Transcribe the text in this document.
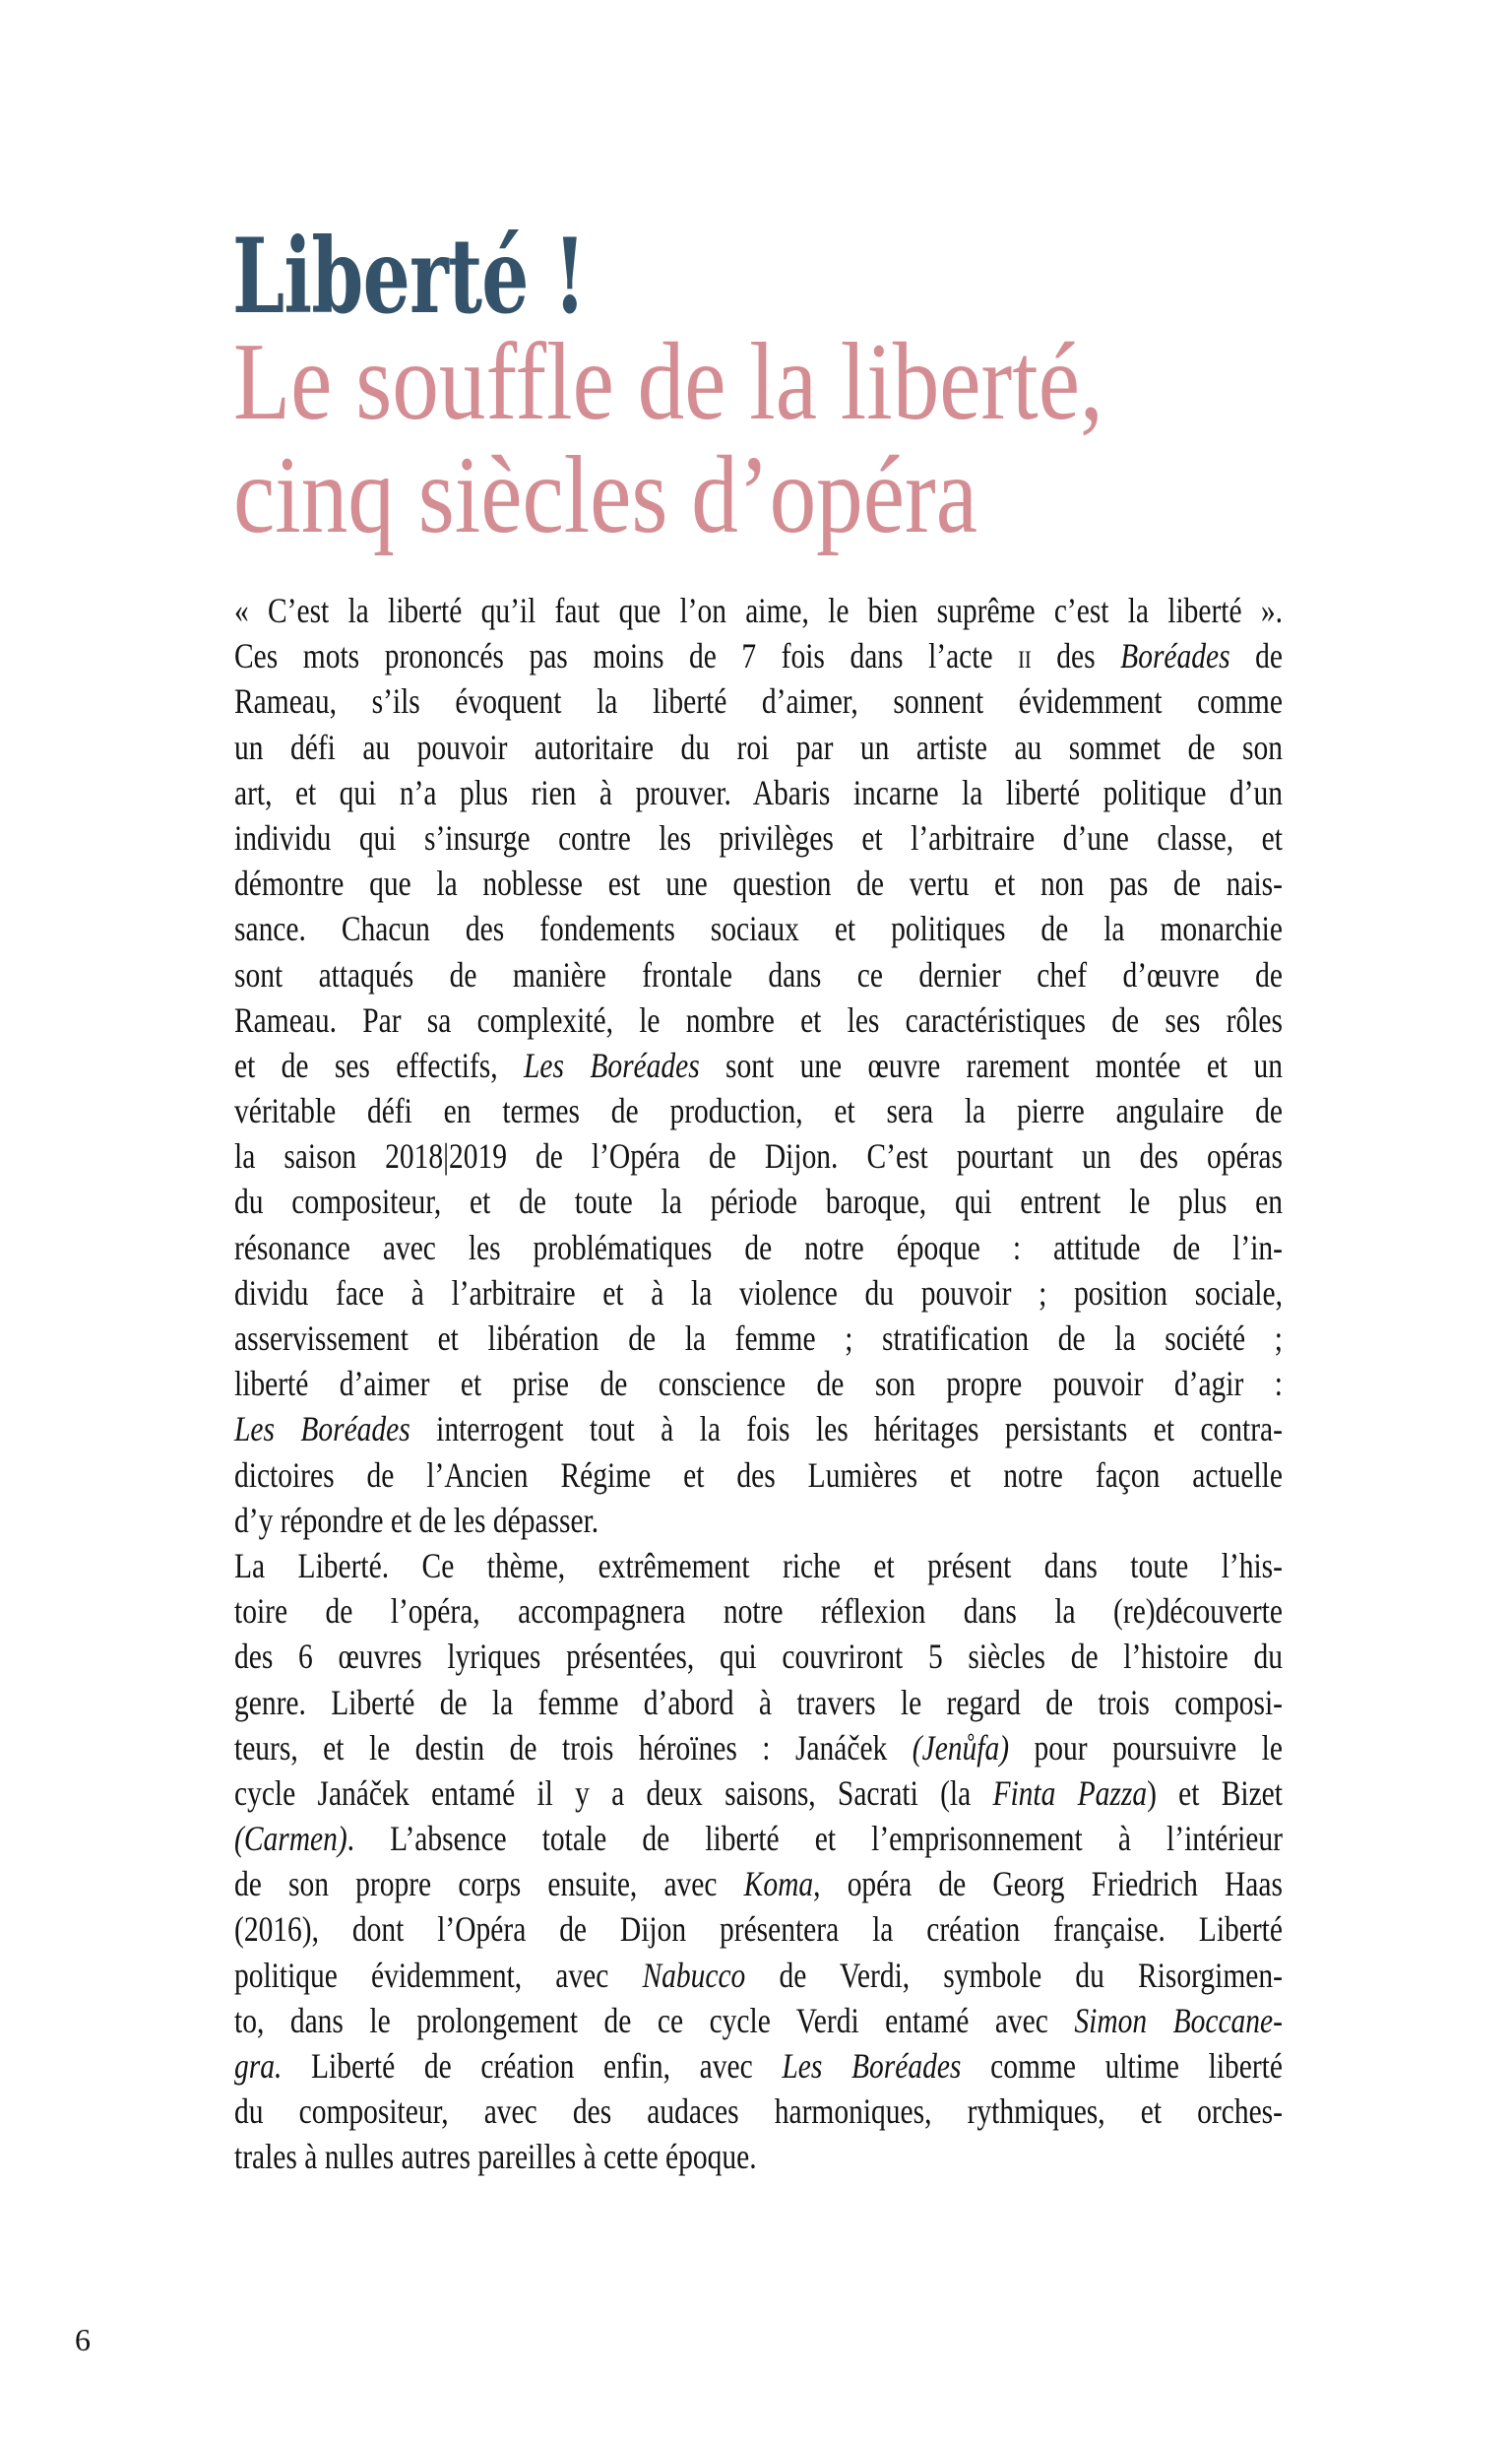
Liberté !
Le souffle de la liberté,
cinq siècles d’opéra
« C’est la liberté qu’il faut que l’on aime, le bien suprême c’est la liberté ».
Ces mots prononcés pas moins de 7 fois dans l’acte ii des Boréades de
Rameau, s’ils évoquent la liberté d’aimer, sonnent évidemment comme
un défi au pouvoir autoritaire du roi par un artiste au sommet de son
art, et qui n’a plus rien à prouver. Abaris incarne la liberté politique d’un
individu qui s’insurge contre les privilèges et l’arbitraire d’une classe, et
démontre que la noblesse est une question de vertu et non pas de nais-
sance. Chacun des fondements sociaux et politiques de la monarchie
sont attaqués de manière frontale dans ce dernier chef d’œuvre de
Rameau. Par sa complexité, le nombre et les caractéristiques de ses rôles
et de ses effectifs, Les Boréades sont une œuvre rarement montée et un
véritable défi en termes de production, et sera la pierre angulaire de
la saison 2018|2019 de l’Opéra de Dijon. C’est pourtant un des opéras
du compositeur, et de toute la période baroque, qui entrent le plus en
résonance avec les problématiques de notre époque : attitude de l’in-
dividu face à l’arbitraire et à la violence du pouvoir ; position sociale,
asservissement et libération de la femme ; stratification de la société ;
liberté d’aimer et prise de conscience de son propre pouvoir d’agir :
Les Boréades interrogent tout à la fois les héritages persistants et contra-
dictoires de l’Ancien Régime et des Lumières et notre façon actuelle
d’y répondre et de les dépasser.
La Liberté. Ce thème, extrêmement riche et présent dans toute l’his-
toire de l’opéra, accompagnera notre réflexion dans la (re)découverte
des 6 œuvres lyriques présentées, qui couvriront 5 siècles de l’histoire du
genre. Liberté de la femme d’abord à travers le regard de trois composi-
teurs, et le destin de trois héroïnes : Janáček (Jenůfa) pour poursuivre le
cycle Janáček entamé il y a deux saisons, Sacrati (la Finta Pazza) et Bizet
(Carmen). L’absence totale de liberté et l’emprisonnement à l’intérieur
de son propre corps ensuite, avec Koma, opéra de Georg Friedrich Haas
(2016), dont l’Opéra de Dijon présentera la création française. Liberté
politique évidemment, avec Nabucco de Verdi, symbole du Risorgimen-
to, dans le prolongement de ce cycle Verdi entamé avec Simon Boccane-
gra. Liberté de création enfin, avec Les Boréades comme ultime liberté
du compositeur, avec des audaces harmoniques, rythmiques, et orches-
trales à nulles autres pareilles à cette époque.
6
